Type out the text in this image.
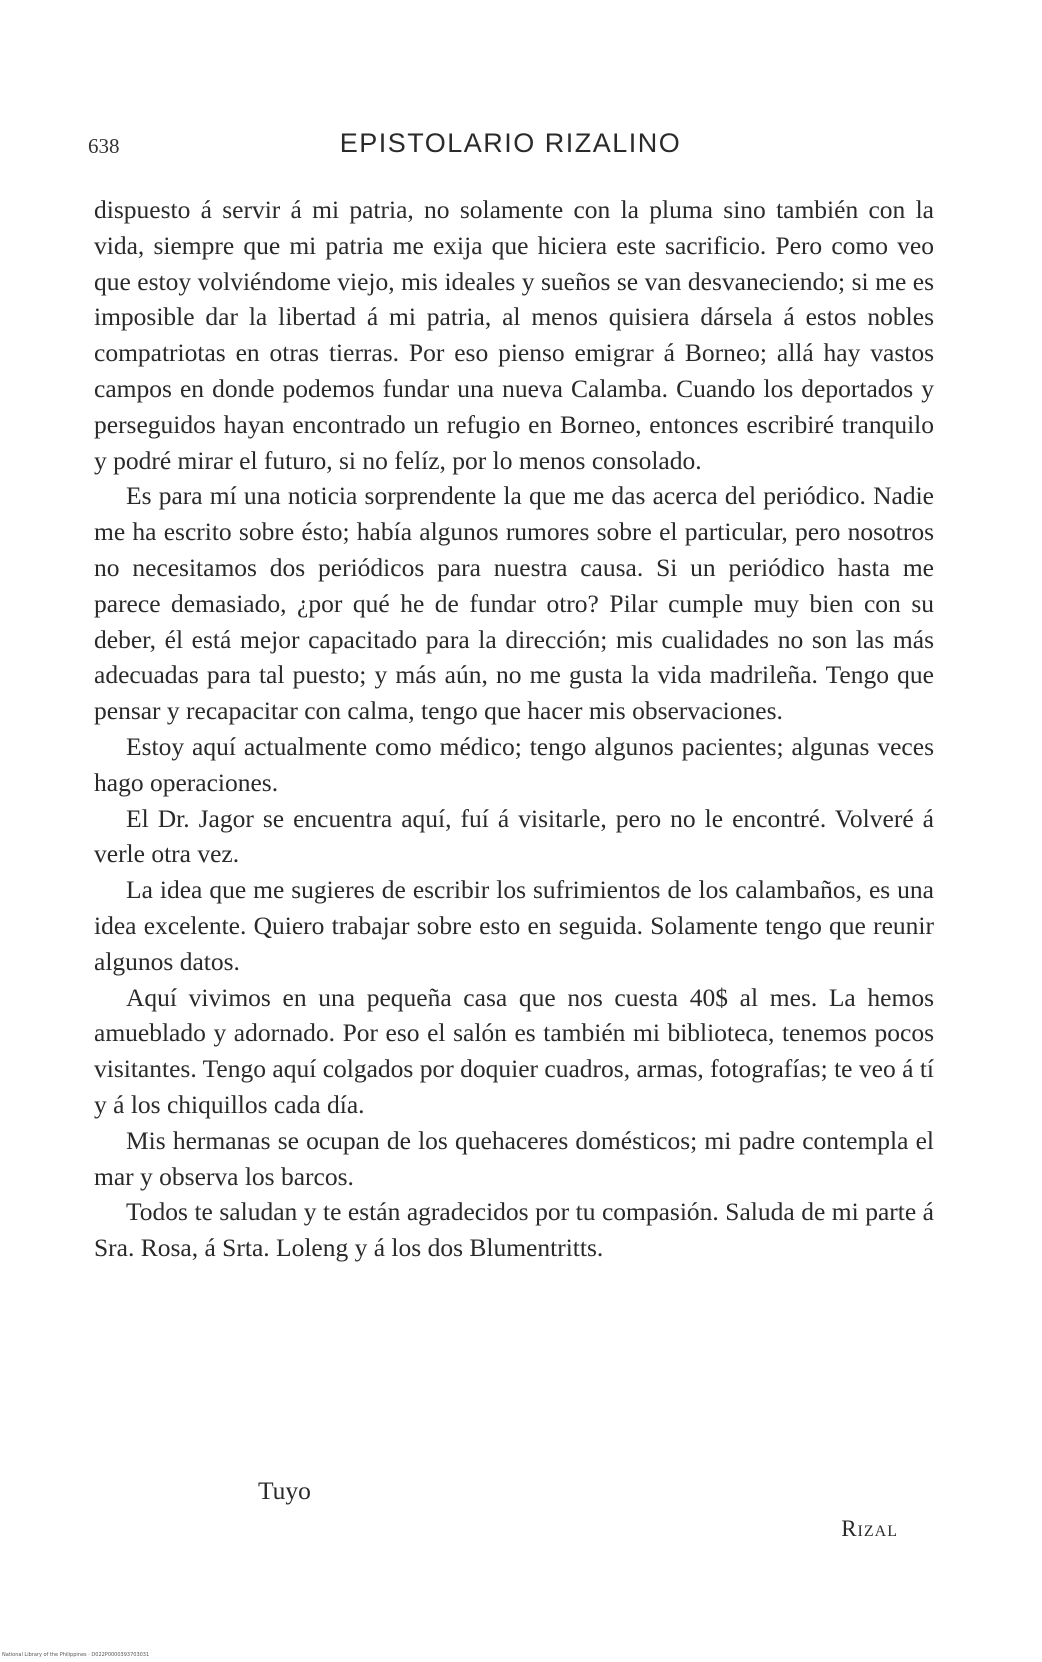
638	EPISTOLARIO RIZALINO

dispuesto á servir á mi patria, no solamente con la pluma sino también con la vida, siempre que mi patria me exija que hiciera este sacrificio. Pero como veo que estoy volviéndome viejo, mis ideales y sueños se van desvaneciendo; si me es imposible dar la libertad á mi patria, al menos quisiera dársela á estos nobles compatriotas en otras tierras. Por eso pienso emigrar á Borneo; allá hay vastos campos en donde podemos fundar una nueva Calamba. Cuando los deportados y perseguidos hayan encontrado un refugio en Borneo, entonces escribiré tranquilo y podré mirar el futuro, si no felíz, por lo menos consolado.

Es para mí una noticia sorprendente la que me das acerca del periódico. Nadie me ha escrito sobre ésto; había algunos rumores sobre el particular, pero nosotros no necesitamos dos periódicos para nuestra causa. Si un periódico hasta me parece demasiado, ¿por qué he de fundar otro? Pilar cumple muy bien con su deber, él está mejor capacitado para la dirección; mis cualidades no son las más adecuadas para tal puesto; y más aún, no me gusta la vida madrileña. Tengo que pensar y recapacitar con calma, tengo que hacer mis observaciones.

Estoy aquí actualmente como médico; tengo algunos pacientes; algunas veces hago operaciones.

El Dr. Jagor se encuentra aquí, fuí á visitarle, pero no le encontré. Volveré á verle otra vez.

La idea que me sugieres de escribir los sufrimientos de los calambaños, es una idea excelente. Quiero trabajar sobre esto en seguida. Solamente tengo que reunir algunos datos.

Aquí vivimos en una pequeña casa que nos cuesta 40$ al mes. La hemos amueblado y adornado. Por eso el salón es también mi biblioteca, tenemos pocos visitantes. Tengo aquí colgados por doquier cuadros, armas, fotografías; te veo á tí y á los chiquillos cada día.

Mis hermanas se ocupan de los quehaceres domésticos; mi padre contempla el mar y observa los barcos.

Todos te saludan y te están agradecidos por tu compasión. Saluda de mi parte á Sra. Rosa, á Srta. Loleng y á los dos Blumentritts.

Tuyo
Rizal
National Library of the Philippines · D022P0000393703031
